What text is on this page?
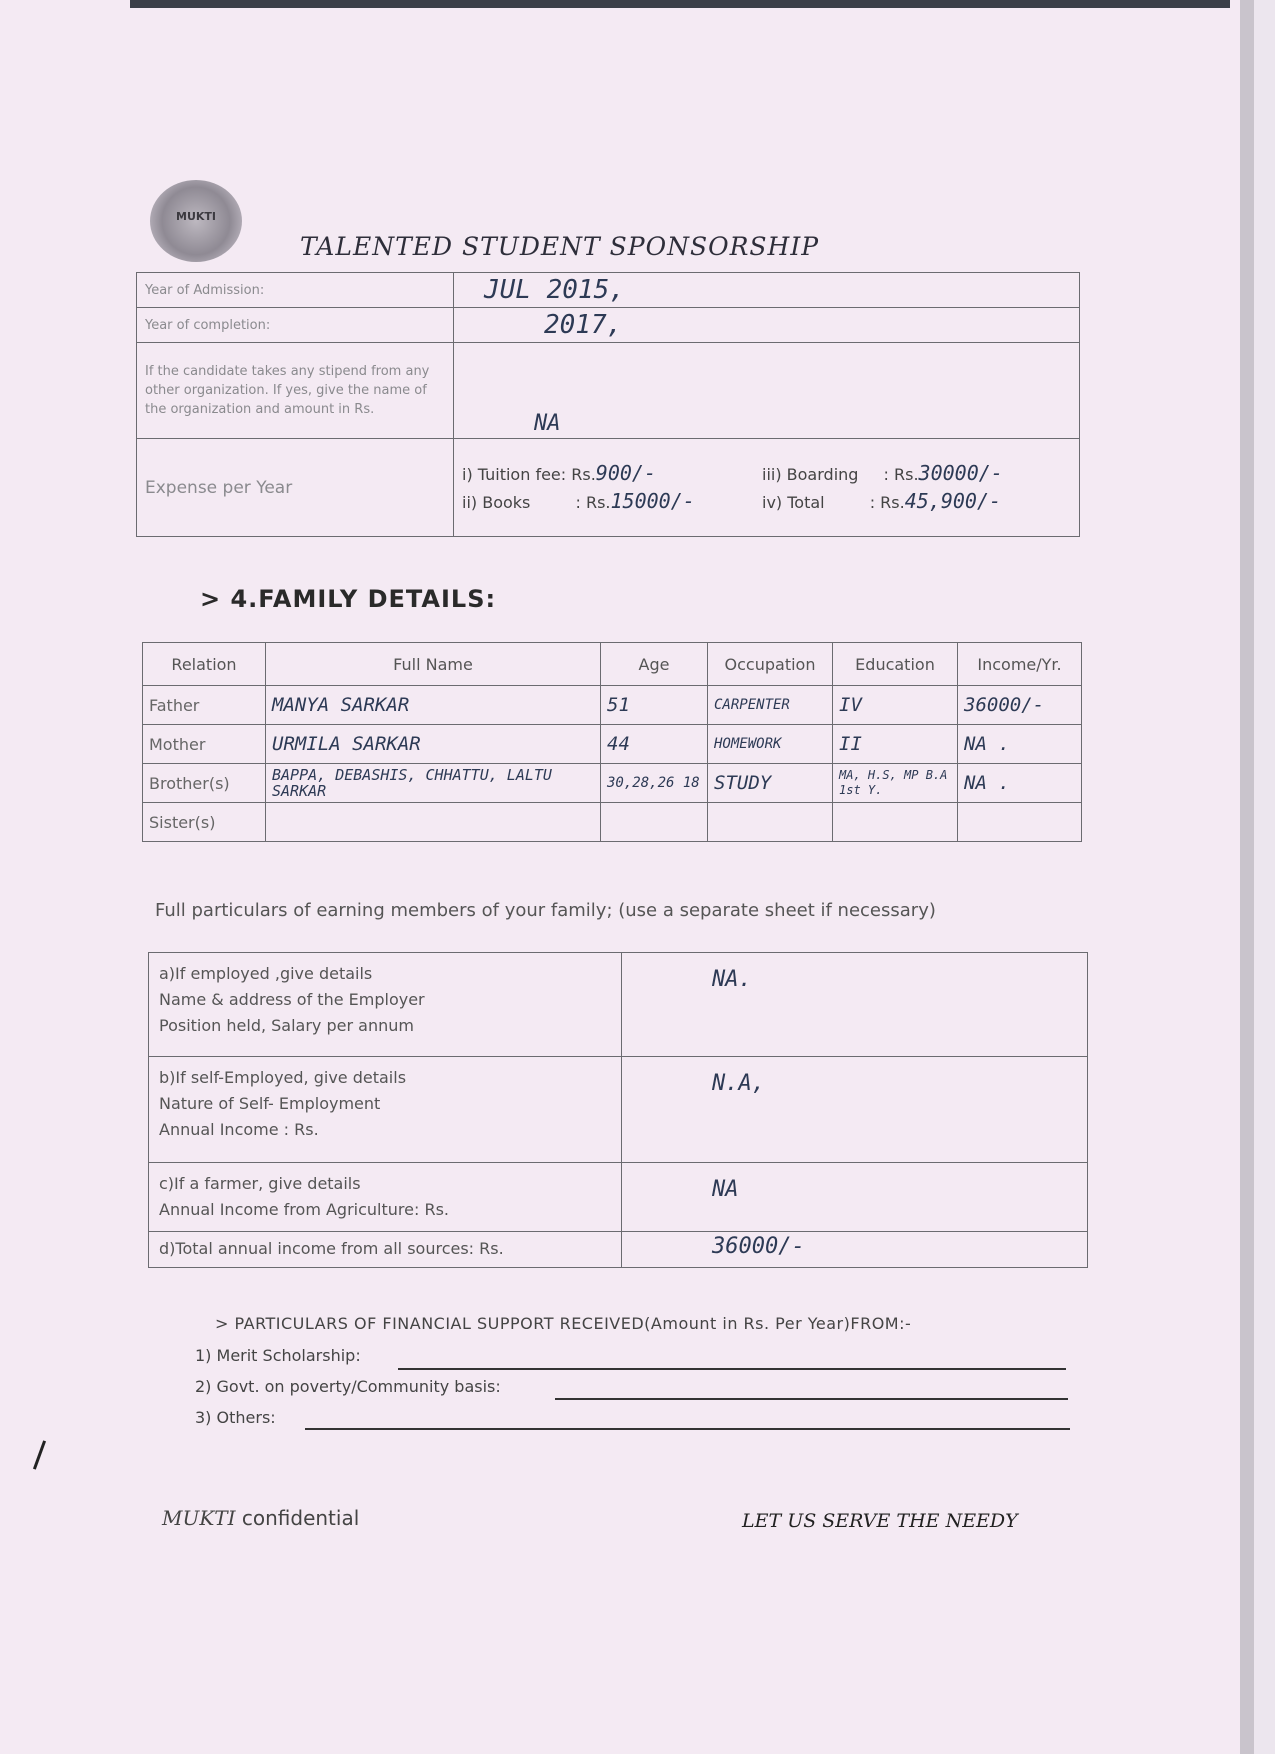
MUKTI
TALENTED STUDENT SPONSORSHIP
Year of Admission:	JUL 2015,
Year of completion:	2017,
If the candidate takes any stipend from any other organization. If yes, give the name of the organization and amount in Rs.	NA
Expense per Year	i) Tuition fee: Rs.900/- iii) Boarding : Rs.30000/-
ii) Books : Rs.15000/- iv) Total : Rs.45,900/-
> 4.FAMILY DETAILS:
Relation	Full Name	Age	Occupation	Education	Income/Yr.
Father	MANYA SARKAR	51	CARPENTER	IV	36000/-
Mother	URMILA SARKAR	44	HOMEWORK	II	NA .
Brother(s)	BAPPA, DEBASHIS, CHHATTU, LALTU SARKAR	30,28,26 18	STUDY	MA, H.S, MP B.A 1st Y.	NA .
Sister(s)					
Full particulars of earning members of your family; (use a separate sheet if necessary)
a)If employed ,give details
Name & address of the Employer
Position held, Salary per annum	NA.

b)If self-Employed, give details
Nature of Self- Employment
Annual Income : Rs.	N.A,

c)If a farmer, give details
Annual Income from Agriculture: Rs.	NA

d)Total annual income from all sources: Rs.	36000/-
> PARTICULARS OF FINANCIAL SUPPORT RECEIVED(Amount in Rs. Per Year)FROM:-
1) Merit Scholarship:
2) Govt. on poverty/Community basis:
3) Others:
MUKTI confidential	LET US SERVE THE NEEDY
